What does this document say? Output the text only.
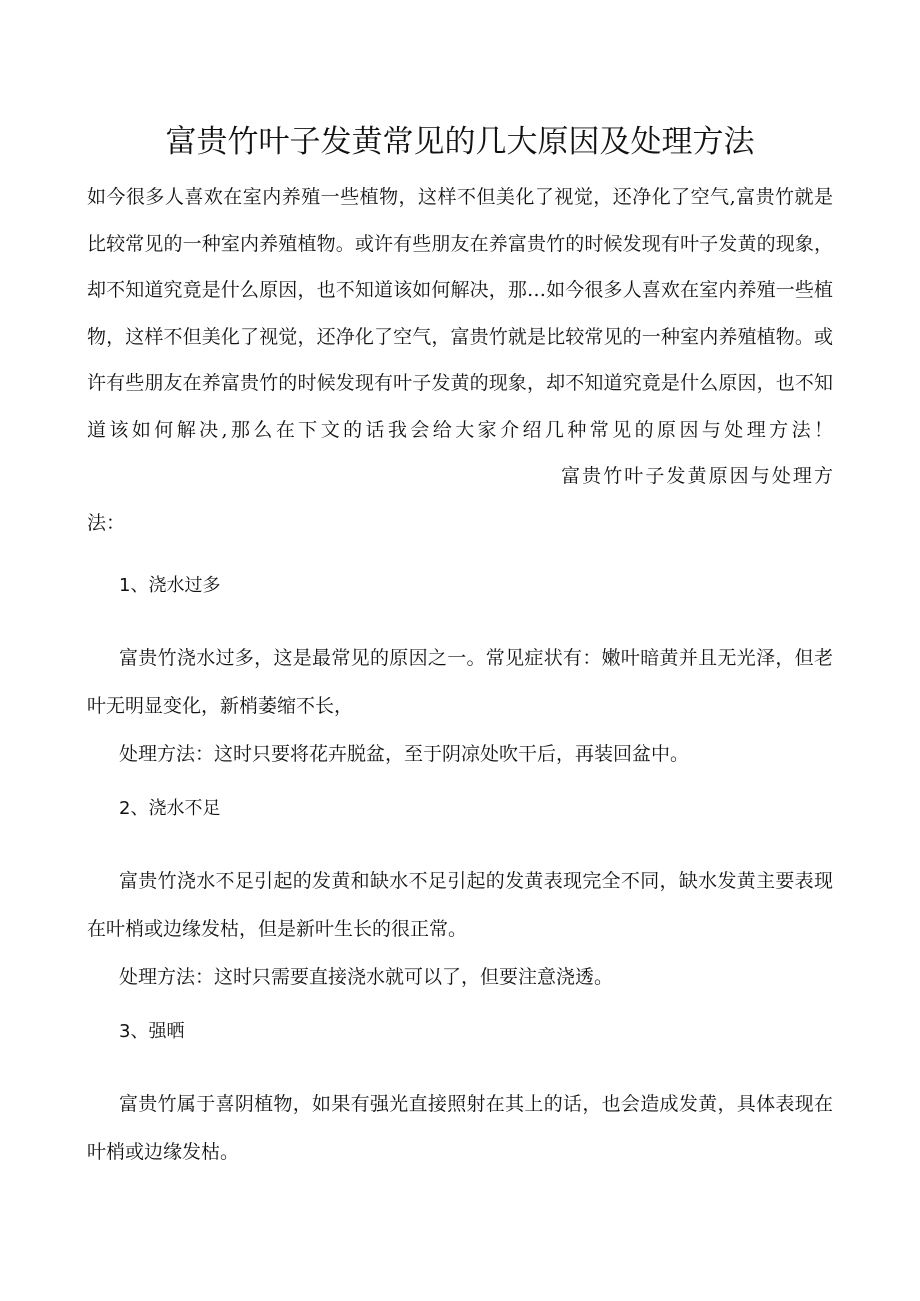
富贵竹叶子发黄常见的几大原因及处理方法

如今很多人喜欢在室内养殖一些植物，这样不但美化了视觉，还净化了空气,富贵竹就是比较常见的一种室内养殖植物。或许有些朋友在养富贵竹的时候发现有叶子发黄的现象，却不知道究竟是什么原因，也不知道该如何解决，那…如今很多人喜欢在室内养殖一些植物，这样不但美化了视觉，还净化了空气，富贵竹就是比较常见的一种室内养殖植物。或许有些朋友在养富贵竹的时候发现有叶子发黄的现象，却不知道究竟是什么原因，也不知道该如何解决,那么在下文的话我会给大家介绍几种常见的原因与处理方法！富贵竹叶子发黄原因与处理方法：

1、浇水过多

富贵竹浇水过多，这是最常见的原因之一。常见症状有：嫩叶暗黄并且无光泽，但老叶无明显变化，新梢萎缩不长，

处理方法：这时只要将花卉脱盆，至于阴凉处吹干后，再装回盆中。

2、浇水不足

富贵竹浇水不足引起的发黄和缺水不足引起的发黄表现完全不同，缺水发黄主要表现在叶梢或边缘发枯，但是新叶生长的很正常。

处理方法：这时只需要直接浇水就可以了，但要注意浇透。

3、强晒

富贵竹属于喜阴植物，如果有强光直接照射在其上的话，也会造成发黄，具体表现在叶梢或边缘发枯。
